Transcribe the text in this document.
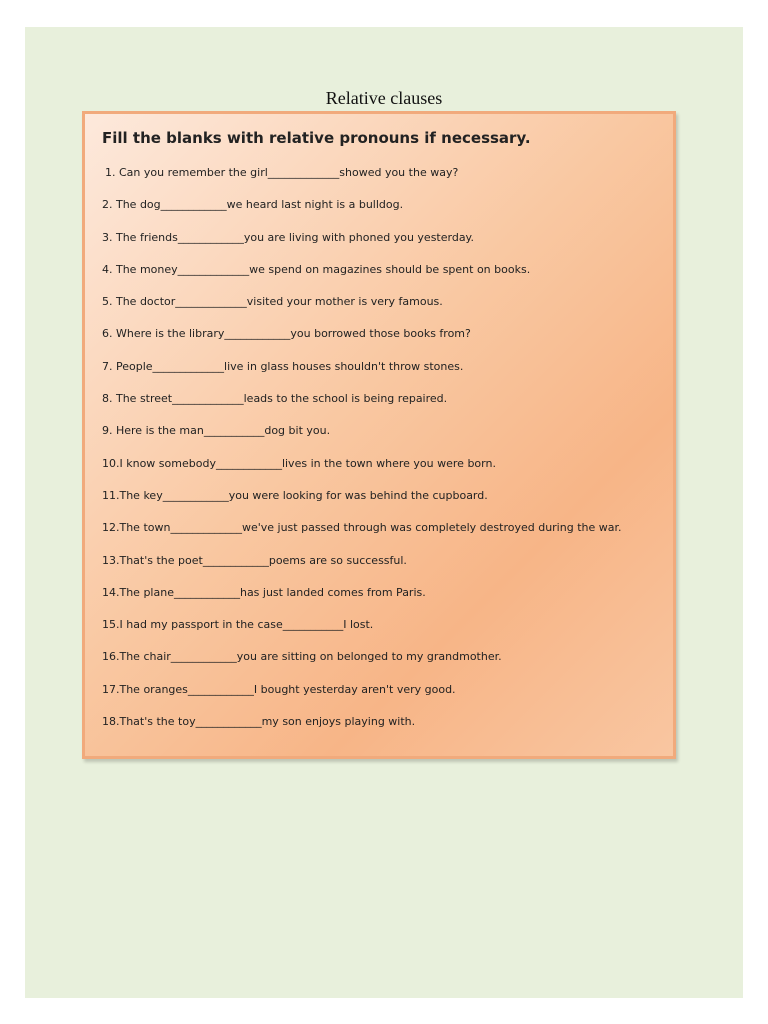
Relative clauses
Fill the blanks with relative pronouns if necessary.
1. Can you remember the girl_____________showed you the way?
2. The dog____________we heard last night is a bulldog.
3. The friends____________you are living with phoned you yesterday.
4. The money_____________we spend on magazines should be spent on books.
5. The doctor_____________visited your mother is very famous.
6. Where is the library____________you borrowed those books from?
7. People_____________live in glass houses shouldn't throw stones.
8. The street_____________leads to the school is being repaired.
9. Here is the man___________dog bit you.
10.I know somebody____________lives in the town where you were born.
11.The key____________you were looking for was behind the cupboard.
12.The town_____________we've just passed through was completely destroyed during the war.
13.That's the poet____________poems are so successful.
14.The plane____________has just landed comes from Paris.
15.I had my passport in the case___________I lost.
16.The chair____________you are sitting on belonged to my grandmother.
17.The oranges____________I bought yesterday aren't very good.
18.That's the toy____________my son enjoys playing with.
